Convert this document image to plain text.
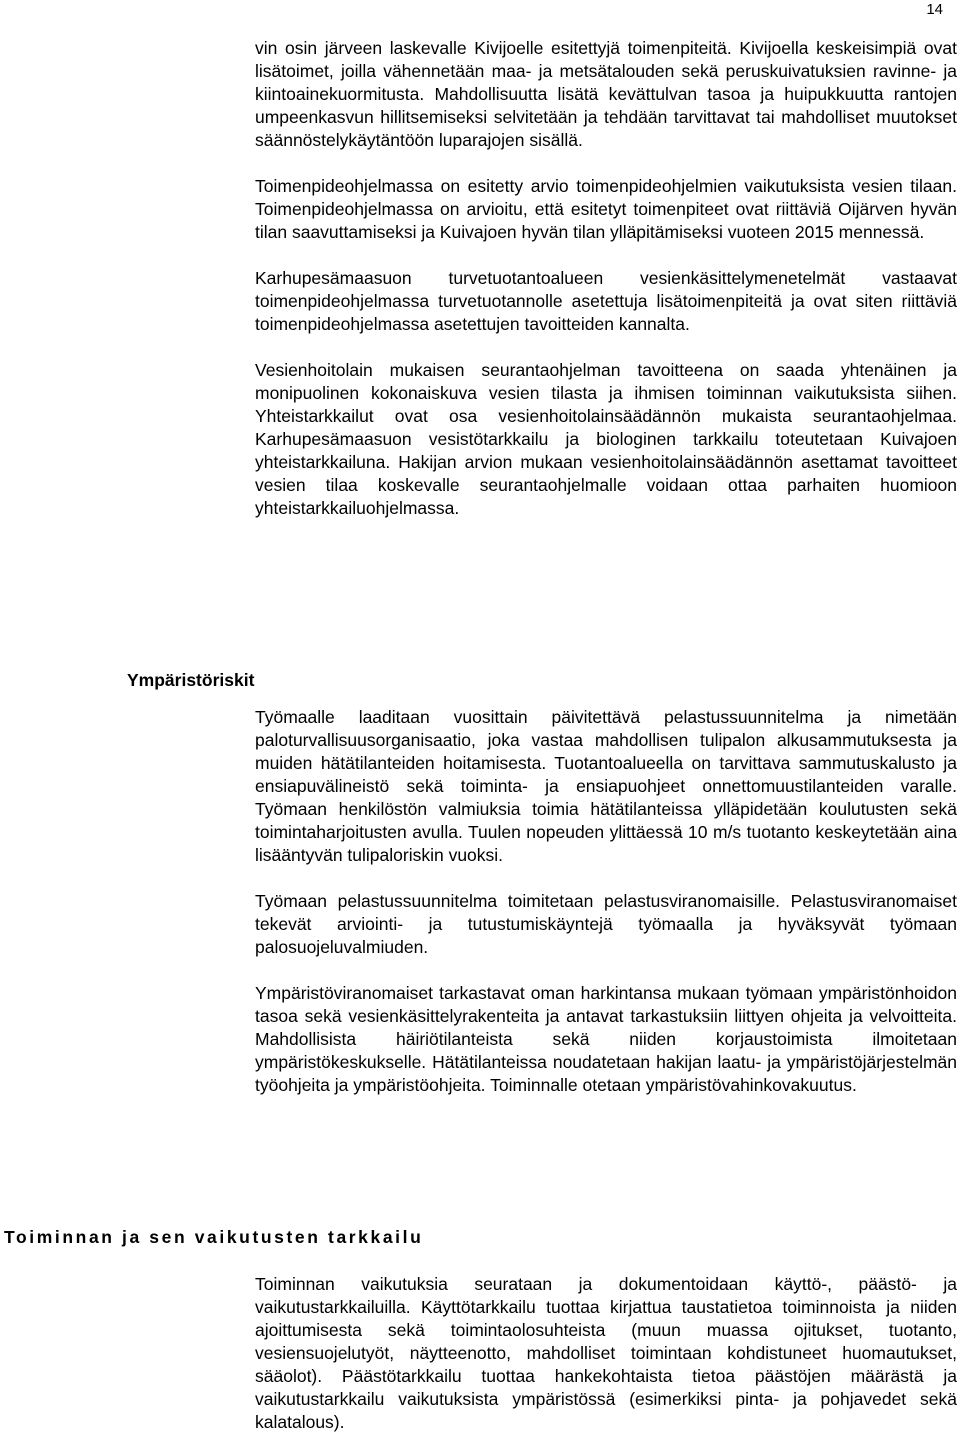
14

vin osin järveen laskevalle Kivijoelle esitettyjä toimenpiteitä. Kivijoella keskeisimpiä ovat lisätoimet, joilla vähennetään maa- ja metsätalouden sekä peruskuivatuksien ravinne- ja kiintoainekuormitusta. Mahdollisuutta lisätä kevättulvan tasoa ja huipukkuutta rantojen umpeenkasvun hillitsemiseksi selvitetään ja tehdään tarvittavat tai mahdolliset muutokset säännöstelykäytäntöön luparajojen sisällä.

Toimenpideohjelmassa on esitetty arvio toimenpideohjelmien vaikutuksista vesien tilaan. Toimenpideohjelmassa on arvioitu, että esitetyt toimenpiteet ovat riittäviä Oijärven hyvän tilan saavuttamiseksi ja Kuivajoen hyvän tilan ylläpitämiseksi vuoteen 2015 mennessä.

Karhupesämaasuon turvetuotantoalueen vesienkäsittelymenetelmät vastaavat toimenpideohjelmassa turvetuotannolle asetettuja lisätoimenpiteitä ja ovat siten riittäviä toimenpideohjelmassa asetettujen tavoitteiden kannalta.

Vesienhoitolain mukaisen seurantaohjelman tavoitteena on saada yhtenäinen ja monipuolinen kokonaiskuva vesien tilasta ja ihmisen toiminnan vaikutuksista siihen. Yhteistarkkailut ovat osa vesienhoitolainsäädännön mukaista seurantaohjelmaa. Karhupesämaasuon vesistötarkkailu ja biologinen tarkkailu toteutetaan Kuivajoen yhteistarkkailuna. Hakijan arvion mukaan vesienhoitolainsäädännön asettamat tavoitteet vesien tilaa koskevalle seurantaohjelmalle voidaan ottaa parhaiten huomioon yhteistarkkailuohjelmassa.

Ympäristöriskit

Työmaalle laaditaan vuosittain päivitettävä pelastussuunnitelma ja nimetään paloturvallisuusorganisaatio, joka vastaa mahdollisen tulipalon alkusammutuksesta ja muiden hätätilanteiden hoitamisesta. Tuotantoalueella on tarvittava sammutuskalusto ja ensiapuvälineistö sekä toiminta- ja ensiapuohjeet onnettomuustilanteiden varalle. Työmaan henkilöstön valmiuksia toimia hätätilanteissa ylläpidetään koulutusten sekä toimintaharjoitusten avulla. Tuulen nopeuden ylittäessä 10 m/s tuotanto keskeytetään aina lisääntyvän tulipaloriskin vuoksi.

Työmaan pelastussuunnitelma toimitetaan pelastusviranomaisille. Pelastusviranomaiset tekevät arviointi- ja tutustumiskäyntejä työmaalla ja hyväksyvät työmaan palosuojeluvalmiuden.

Ympäristöviranomaiset tarkastavat oman harkintansa mukaan työmaan ympäristönhoidon tasoa sekä vesienkäsittelyrakenteita ja antavat tarkastuksiin liittyen ohjeita ja velvoitteita. Mahdollisista häiriötilanteista sekä niiden korjaustoimista ilmoitetaan ympäristökeskukselle. Hätätilanteissa noudatetaan hakijan laatu- ja ympäristöjärjestelmän työohjeita ja ympäristöohjeita. Toiminnalle otetaan ympäristövahinkovakuutus.

Toiminnan ja sen vaikutusten tarkkailu

Toiminnan vaikutuksia seurataan ja dokumentoidaan käyttö-, päästö- ja vaikutustarkkailuilla. Käyttötarkkailu tuottaa kirjattua taustatietoa toiminnoista ja niiden ajoittumisesta sekä toimintaolosuhteista (muun muassa ojitukset, tuotanto, vesiensuojelutyöt, näytteenotto, mahdolliset toimintaan kohdistuneet huomautukset, sääolot). Päästötarkkailu tuottaa hankekohtaista tietoa päästöjen määrästä ja vaikutustarkkailu vaikutuksista ympäristössä (esimerkiksi pinta- ja pohjavedet sekä kalatalous).
